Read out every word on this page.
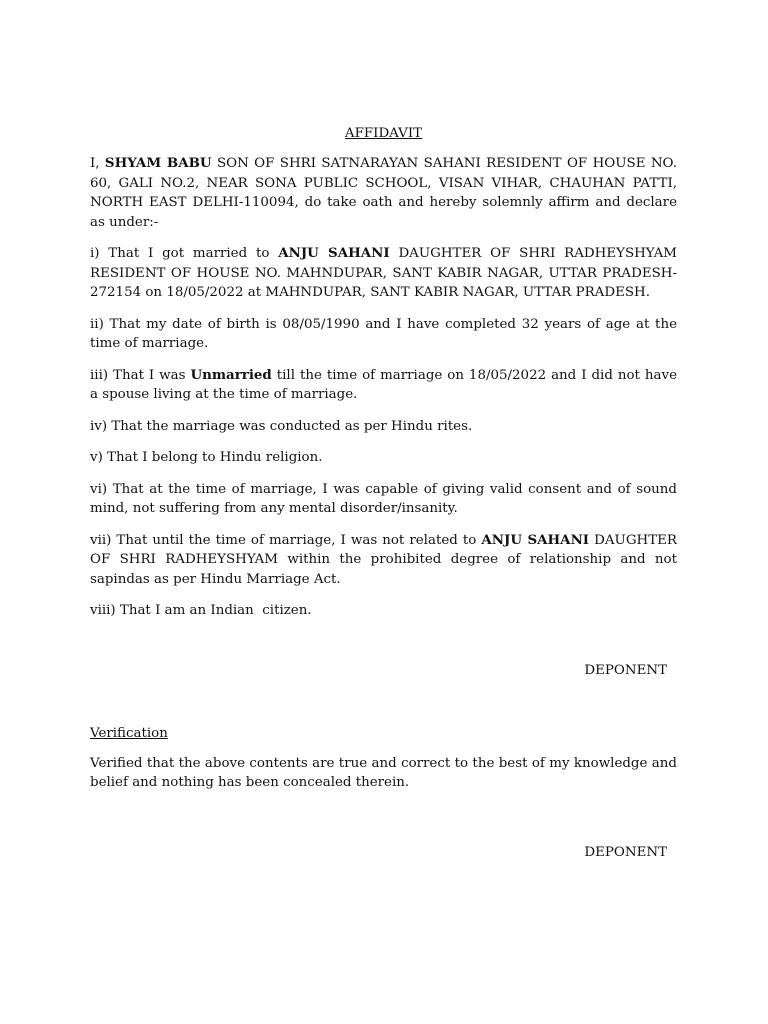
AFFIDAVIT

I, SHYAM BABU SON OF SHRI SATNARAYAN SAHANI RESIDENT OF HOUSE NO. 60, GALI NO.2, NEAR SONA PUBLIC SCHOOL, VISAN VIHAR, CHAUHAN PATTI, NORTH EAST DELHI-110094, do take oath and hereby solemnly affirm and declare as under:-

i) That I got married to ANJU SAHANI DAUGHTER OF SHRI RADHEYSHYAM RESIDENT OF HOUSE NO. MAHNDUPAR, SANT KABIR NAGAR, UTTAR PRADESH-272154 on 18/05/2022 at MAHNDUPAR, SANT KABIR NAGAR, UTTAR PRADESH.

ii) That my date of birth is 08/05/1990 and I have completed 32 years of age at the time of marriage.

iii) That I was Unmarried till the time of marriage on 18/05/2022 and I did not have a spouse living at the time of marriage.

iv) That the marriage was conducted as per Hindu rites.

v) That I belong to Hindu religion.

vi) That at the time of marriage, I was capable of giving valid consent and of sound mind, not suffering from any mental disorder/insanity.

vii) That until the time of marriage, I was not related to ANJU SAHANI DAUGHTER OF SHRI RADHEYSHYAM within the prohibited degree of relationship and not sapindas as per Hindu Marriage Act.

viii) That I am an Indian  citizen.

DEPONENT

Verification

Verified that the above contents are true and correct to the best of my knowledge and belief and nothing has been concealed therein.

DEPONENT
